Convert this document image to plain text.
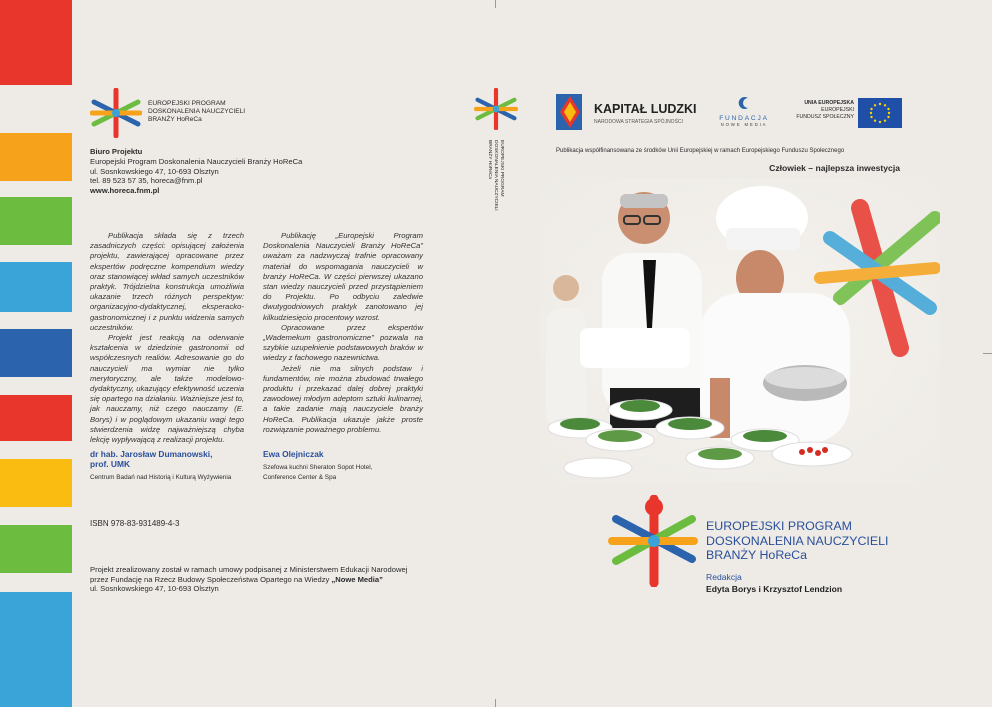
EUROPEJSKI PROGRAM
DOSKONALENIA NAUCZYCIELI
BRANŻY HoReCa
Biuro Projektu
Europejski Program Doskonalenia Nauczycieli Branży HoReCa
ul. Sosnkowskiego 47, 10-693 Olsztyn
tel. 89 523 57 35, horeca@fnm.pl
www.horeca.fnm.pl

Publikacja składa się z trzech zasadniczych części: opisującej założenia projektu, zawierającej opracowane przez ekspertów podręczne kompendium wiedzy oraz stanowiącej wkład samych uczestników praktyk. Trójdzielna konstrukcja umożliwia ukazanie trzech różnych perspektyw: organizacyjno-dydaktycznej, eksperacko-gastronomicznej i z punktu widzenia samych uczestników.

Projekt jest reakcją na oderwanie kształcenia w dziedzinie gastronomii od współczesnych realiów. Adresowanie go do nauczycieli ma wymiar nie tylko merytoryczny, ale także modelowo-dydaktyczny, ukazujący efektywność uczenia się opartego na działaniu. Ważniejsze jest to, jak nauczamy, niż czego nauczamy (E. Borys) i w poglądowym ukazaniu wagi tego stwierdzenia widzę najważniejszą chyba lekcję wypływającą z realizacji projektu.

Publikację „Europejski Program Doskonalenia Nauczycieli Branży HoReCa” uważam za nadzwyczaj trafnie opracowany materiał do wspomagania nauczycieli w branży HoReCa. W części pierwszej ukazano stan wiedzy nauczycieli przed przystąpieniem do Projektu. Po odbyciu zaledwie dwutygodniowych praktyk zanotowano jej kilkudziesięcio procentowy wzrost.

Opracowane przez ekspertów „Wademekum gastronomiczne” pozwala na szybkie uzupełnienie podstawowych braków w wiedzy z fachowego nazewnictwa.

Jeżeli nie ma silnych podstaw i fundamentów, nie można zbudować trwałego produktu i przekazać dalej dobrej praktyki zawodowej młodym adeptom sztuki kulinarnej, a takie zadanie mają nauczyciele branży HoReCa. Publikacja ukazuje jakże proste rozwiązanie poważnego problemu.

dr hab. Jarosław Dumanowski,
prof. UMK
Centrum Badań nad Historią i Kulturą Wyżywienia
Ewa Olejniczak
Szefowa kuchni Sheraton Sopot Hotel,
Conference Center & Spa
ISBN 978-83-931489-4-3
Projekt zrealizowany został w ramach umowy podpisanej z Ministerstwem Edukacji Narodowej
przez Fundację na Rzecz Budowy Społeczeństwa Opartego na Wiedzy „Nowe Media”
ul. Sosnkowskiego 47, 10-693 Olsztyn
EUROPEJSKI PROGRAM
DOSKONALENIA NAUCZYCIELI
BRANŻY HoReCa
KAPITAŁ LUDZKI
NARODOWA STRATEGIA SPÓJNOŚCI	FUNDACJA
NOWE MEDIA
UNIA EUROPEJSKA
EUROPEJSKI
FUNDUSZ SPOŁECZNY
Publikacja współfinansowana ze środków Unii Europejskiej w ramach Europejskiego Funduszu Społecznego
Człowiek – najlepsza inwestycja
EUROPEJSKI PROGRAM
DOSKONALENIA NAUCZYCIELI
BRANŻY HoReCa
Redakcja
Edyta Borys i Krzysztof Lendzion
